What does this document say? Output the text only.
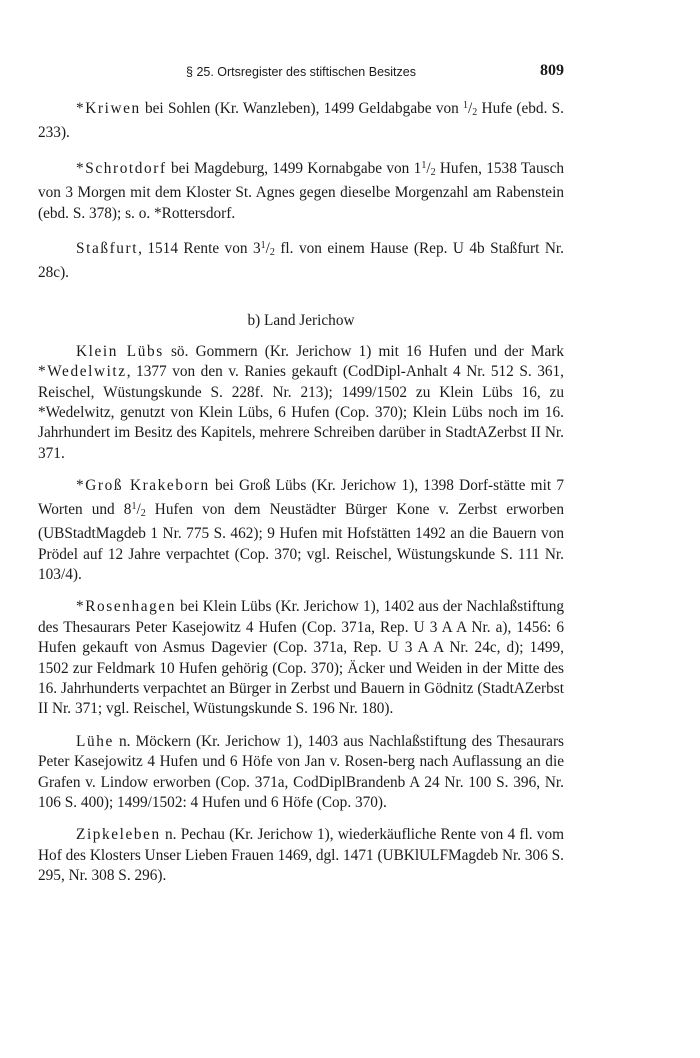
§ 25. Ortsregister des stiftischen Besitzes	809

*Kriwen bei Sohlen (Kr. Wanzleben), 1499 Geldabgabe von $^1/_2$ Hufe (ebd. S. 233).

*Schrotdorf bei Magdeburg, 1499 Kornabgabe von $1^1/_2$ Hufen, 1538 Tausch von 3 Morgen mit dem Kloster St. Agnes gegen dieselbe Morgenzahl am Rabenstein (ebd. S. 378); s. o. *Rottersdorf.

Staßfurt, 1514 Rente von $3^1/_2$ fl. von einem Hause (Rep. U 4b Staßfurt Nr. 28c).

b) Land Jerichow

Klein Lübs sö. Gommern (Kr. Jerichow 1) mit 16 Hufen und der Mark *Wedelwitz, 1377 von den v. Ranies gekauft (CodDipl-Anhalt 4 Nr. 512 S. 361, Reischel, Wüstungskunde S. 228f. Nr. 213); 1499/1502 zu Klein Lübs 16, zu *Wedelwitz, genutzt von Klein Lübs, 6 Hufen (Cop. 370); Klein Lübs noch im 16. Jahrhundert im Besitz des Kapitels, mehrere Schreiben darüber in StadtAZerbst II Nr. 371.

*Groß Krakeborn bei Groß Lübs (Kr. Jerichow 1), 1398 Dorf-stätte mit 7 Worten und $8^1/_2$ Hufen von dem Neustädter Bürger Kone v. Zerbst erworben (UBStadtMagdeb 1 Nr. 775 S. 462); 9 Hufen mit Hofstätten 1492 an die Bauern von Prödel auf 12 Jahre verpachtet (Cop. 370; vgl. Reischel, Wüstungskunde S. 111 Nr. 103/4).

*Rosenhagen bei Klein Lübs (Kr. Jerichow 1), 1402 aus der Nachlaßstiftung des Thesaurars Peter Kasejowitz 4 Hufen (Cop. 371a, Rep. U 3 A A Nr. a), 1456: 6 Hufen gekauft von Asmus Dagevier (Cop. 371a, Rep. U 3 A A Nr. 24c, d); 1499, 1502 zur Feldmark 10 Hufen gehörig (Cop. 370); Äcker und Weiden in der Mitte des 16. Jahrhunderts verpachtet an Bürger in Zerbst und Bauern in Gödnitz (StadtAZerbst II Nr. 371; vgl. Reischel, Wüstungskunde S. 196 Nr. 180).

Lühe n. Möckern (Kr. Jerichow 1), 1403 aus Nachlaßstiftung des Thesaurars Peter Kasejowitz 4 Hufen und 6 Höfe von Jan v. Rosen-berg nach Auflassung an die Grafen v. Lindow erworben (Cop. 371a, CodDiplBrandenb A 24 Nr. 100 S. 396, Nr. 106 S. 400); 1499/1502: 4 Hufen und 6 Höfe (Cop. 370).

Zipkeleben n. Pechau (Kr. Jerichow 1), wiederkäufliche Rente von 4 fl. vom Hof des Klosters Unser Lieben Frauen 1469, dgl. 1471 (UBKlULFMagdeb Nr. 306 S. 295, Nr. 308 S. 296).
